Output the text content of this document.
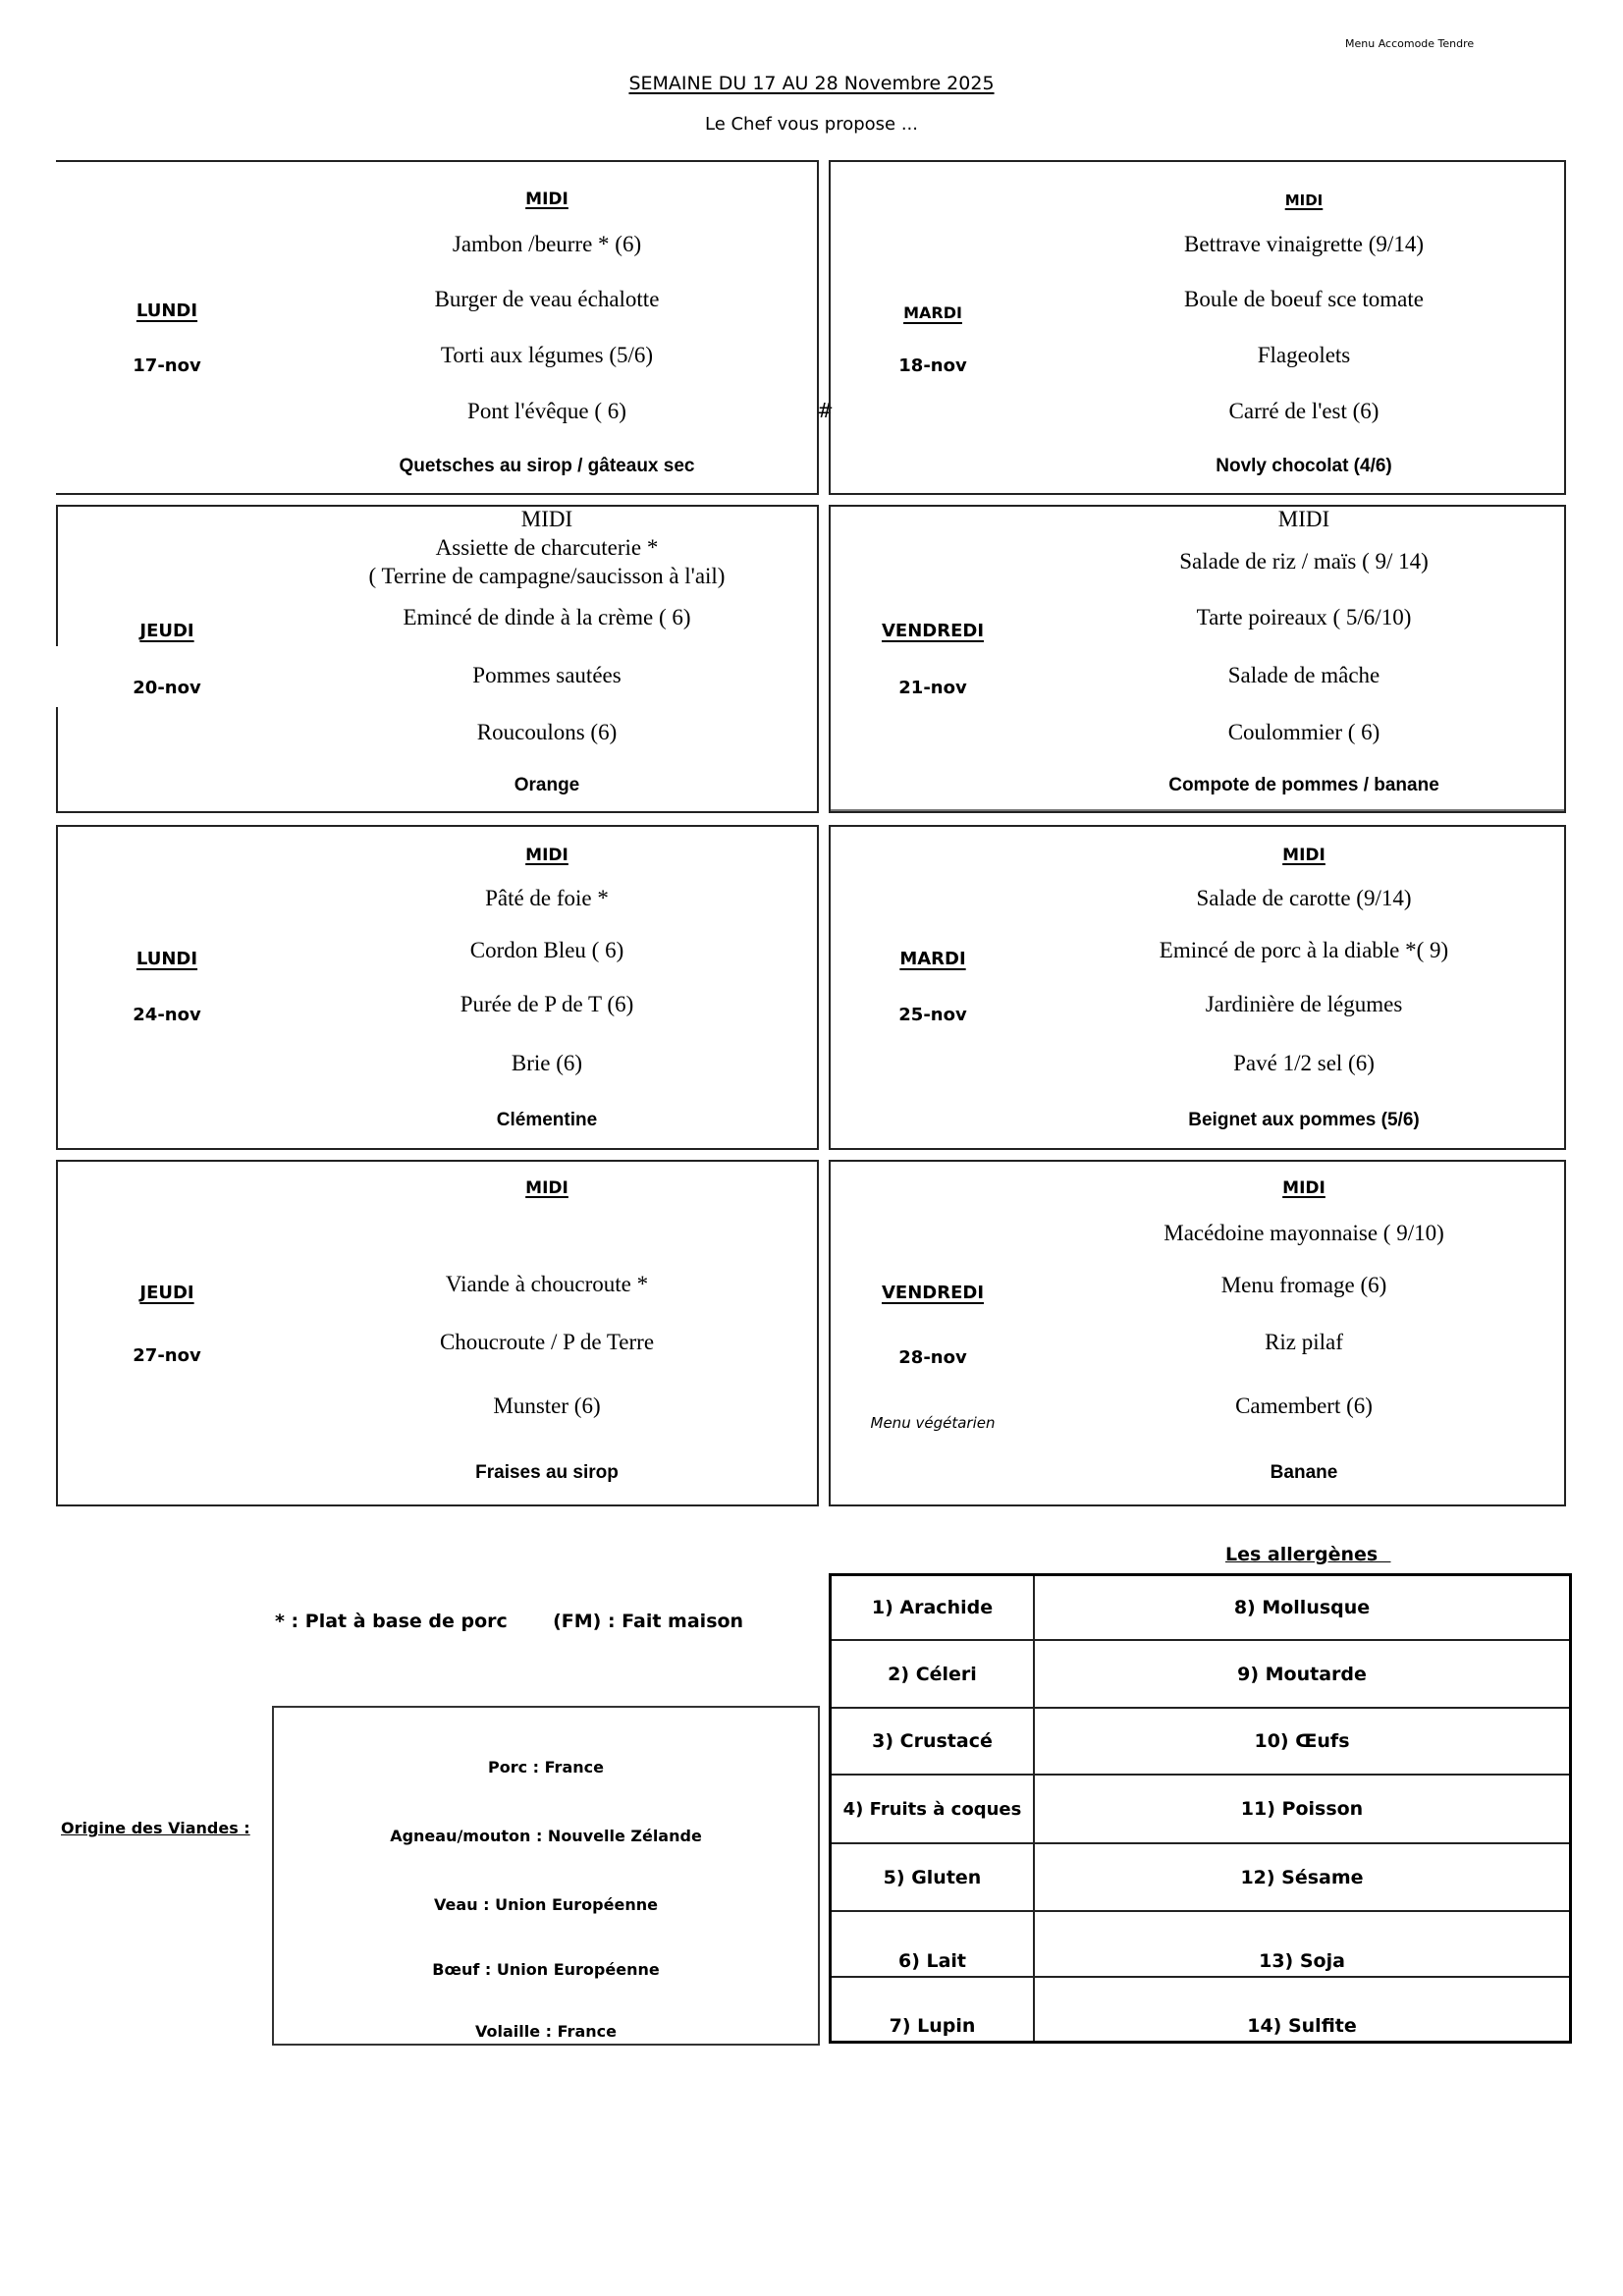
Menu Accomode Tendre
SEMAINE DU 17 AU 28 Novembre 2025
Le Chef vous propose ...
LUNDI
17-nov
MIDI
Jambon /beurre * (6)
Burger de veau échalotte
Torti aux légumes (5/6)
Pont l'évêque ( 6)
Quetsches au sirop / gâteaux sec
#
MARDI
18-nov
MIDI
Bettrave vinaigrette (9/14)
Boule de boeuf sce tomate
Flageolets
Carré de l'est (6)
Novly chocolat (4/6)
JEUDI
20-nov
MIDI
Assiette de charcuterie *
( Terrine de campagne/saucisson à l'ail)
Emincé de dinde à la crème ( 6)
Pommes sautées
Roucoulons (6)
Orange
VENDREDI
21-nov
MIDI
Salade de riz / maïs ( 9/ 14)
Tarte poireaux ( 5/6/10)
Salade de mâche
Coulommier ( 6)
Compote de pommes / banane
LUNDI
24-nov
MIDI
Pâté de foie *
Cordon Bleu ( 6)
Purée de P de T (6)
Brie (6)
Clémentine
MARDI
25-nov
MIDI
Salade de carotte (9/14)
Emincé de porc à la diable *( 9)
Jardinière de légumes
Pavé 1/2 sel (6)
Beignet aux pommes (5/6)
JEUDI
27-nov
MIDI
Viande à choucroute *
Choucroute / P de Terre
Munster (6)
Fraises au sirop
VENDREDI
28-nov
Menu végétarien
MIDI
Macédoine mayonnaise ( 9/10)
Menu fromage (6)
Riz pilaf
Camembert (6)
Banane
* : Plat à base de porc       (FM) : Fait maison
Origine des Viandes :
Porc : France
Agneau/mouton : Nouvelle Zélande
Veau : Union Européenne
Bœuf : Union Européenne
Volaille : France
Les allergènes
1) Arachide	8) Mollusque
2) Céleri	9) Moutarde
3) Crustacé	10) Œufs
4) Fruits à coques	11) Poisson
5) Gluten	12) Sésame
6) Lait	13) Soja
7) Lupin	14) Sulfite
